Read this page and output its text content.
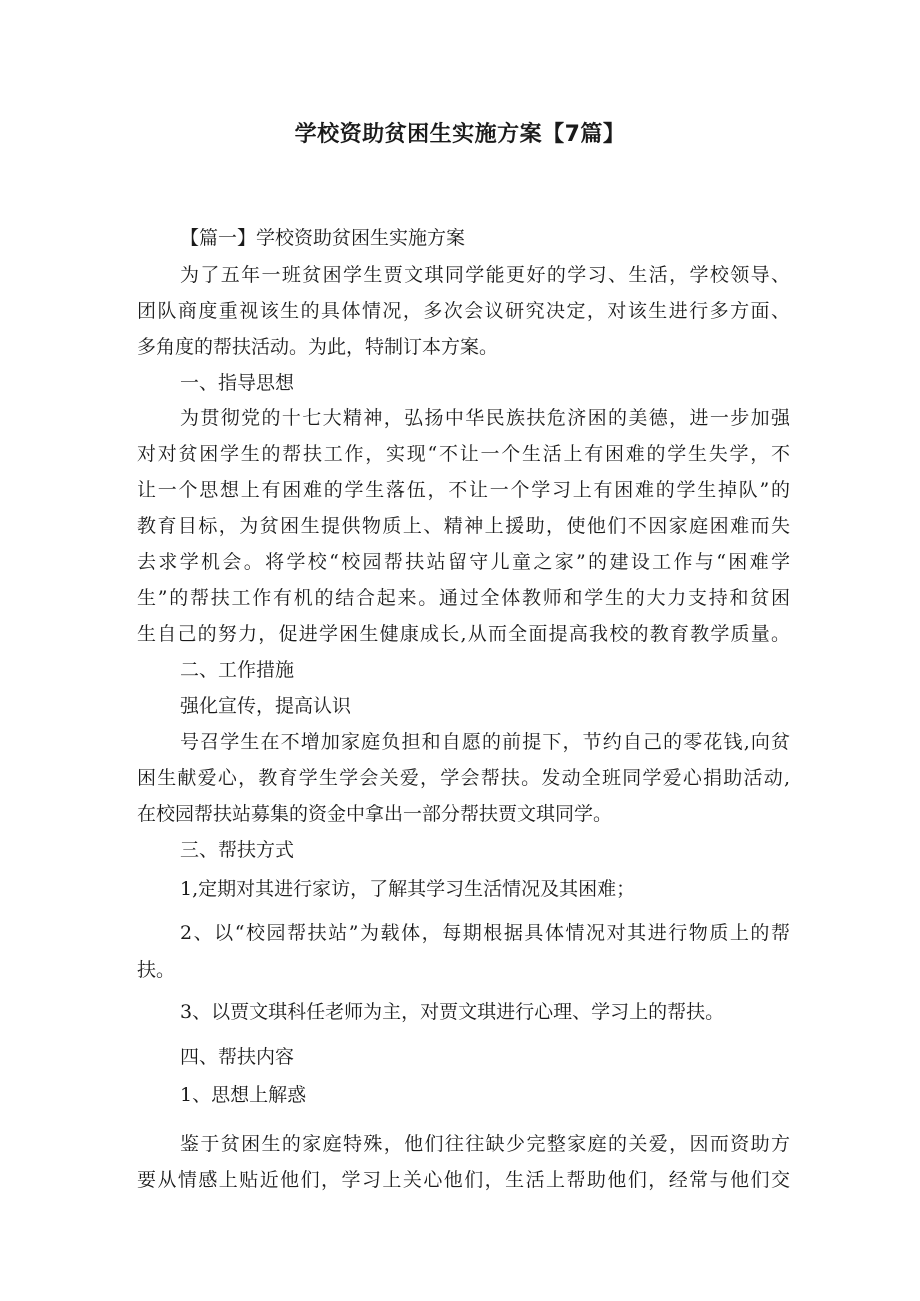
学校资助贫困生实施方案【7篇】

【篇一】学校资助贫困生实施方案

为了五年一班贫困学生贾文琪同学能更好的学习、生活，学校领导、

团队商度重视该生的具体情况，多次会议研究决定，对该生进行多方面、

多角度的帮扶活动。为此，特制订本方案。

一、指导思想

为贯彻党的十七大精神，弘扬中华民族扶危济困的美德，进一步加强

对对贫困学生的帮扶工作，实现“不让一个生活上有困难的学生失学，不

让一个思想上有困难的学生落伍，不让一个学习上有困难的学生掉队”的

教育目标，为贫困生提供物质上、精神上援助，使他们不因家庭困难而失

去求学机会。将学校“校园帮扶站留守儿童之家”的建设工作与“困难学

生”的帮扶工作有机的结合起来。通过全体教师和学生的大力支持和贫困

生自己的努力，促进学困生健康成长,从而全面提高我校的教育教学质量。

二、工作措施

强化宣传，提高认识

号召学生在不增加家庭负担和自愿的前提下，节约自己的零花钱,向贫

困生献爱心，教育学生学会关爱，学会帮扶。发动全班同学爱心捐助活动,

在校园帮扶站募集的资金中拿出一部分帮扶贾文琪同学。

三、帮扶方式

1,定期对其进行家访，了解其学习生活情况及其困难；

2、以“校园帮扶站”为载体，每期根据具体情况对其进行物质上的帮

扶。

3、以贾文琪科任老师为主，对贾文琪进行心理、学习上的帮扶。

四、帮扶内容

1、思想上解惑

鉴于贫困生的家庭特殊，他们往往缺少完整家庭的关爱，因而资助方

要从情感上贴近他们，学习上关心他们，生活上帮助他们，经常与他们交
